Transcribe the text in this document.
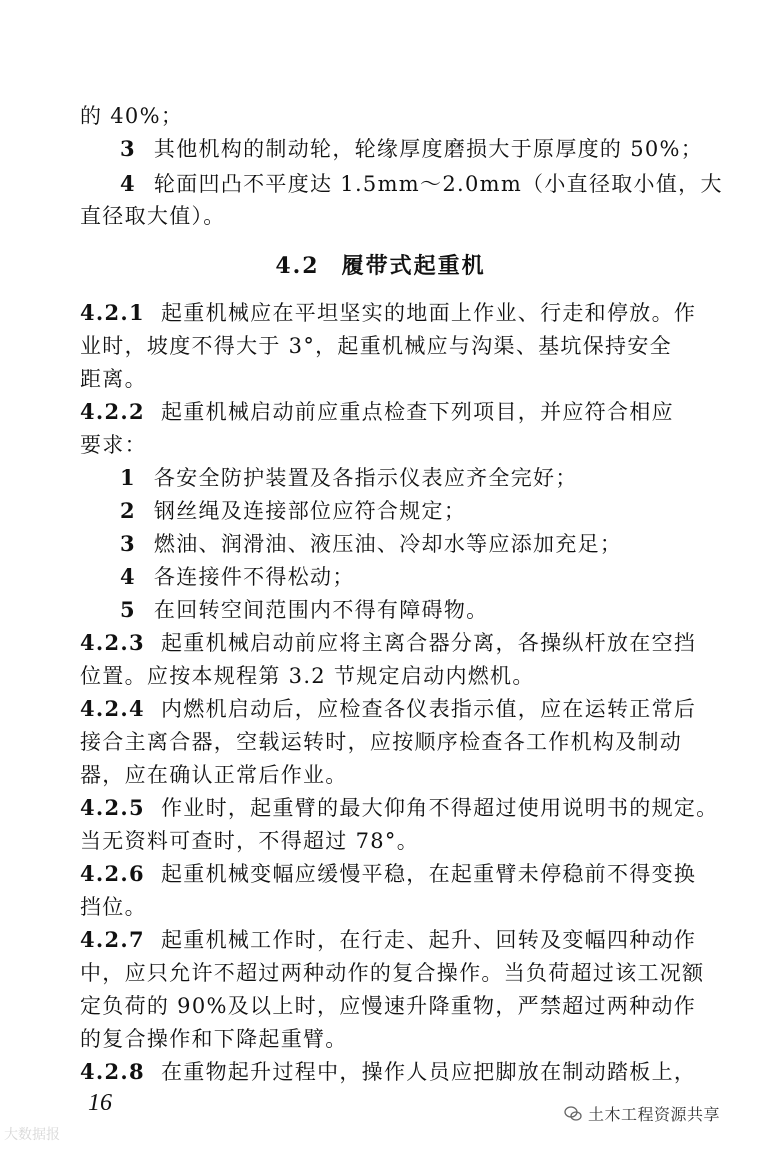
的 40%；
3 其他机构的制动轮，轮缘厚度磨损大于原厚度的 50%；
4 轮面凹凸不平度达 1.5mm～2.0mm（小直径取小值，大
直径取大值）。
4.2 履带式起重机
4.2.1 起重机械应在平坦坚实的地面上作业、行走和停放。作
业时，坡度不得大于 3°，起重机械应与沟渠、基坑保持安全
距离。
4.2.2 起重机械启动前应重点检查下列项目，并应符合相应
要求：
1 各安全防护装置及各指示仪表应齐全完好；
2 钢丝绳及连接部位应符合规定；
3 燃油、润滑油、液压油、冷却水等应添加充足；
4 各连接件不得松动；
5 在回转空间范围内不得有障碍物。
4.2.3 起重机械启动前应将主离合器分离，各操纵杆放在空挡
位置。应按本规程第 3.2 节规定启动内燃机。
4.2.4 内燃机启动后，应检查各仪表指示值，应在运转正常后
接合主离合器，空载运转时，应按顺序检查各工作机构及制动
器，应在确认正常后作业。
4.2.5 作业时，起重臂的最大仰角不得超过使用说明书的规定。
当无资料可查时，不得超过 78°。
4.2.6 起重机械变幅应缓慢平稳，在起重臂未停稳前不得变换
挡位。
4.2.7 起重机械工作时，在行走、起升、回转及变幅四种动作
中，应只允许不超过两种动作的复合操作。当负荷超过该工况额
定负荷的 90%及以上时，应慢速升降重物，严禁超过两种动作
的复合操作和下降起重臂。
4.2.8 在重物起升过程中，操作人员应把脚放在制动踏板上，
16	土木工程资源共享
大数据报
